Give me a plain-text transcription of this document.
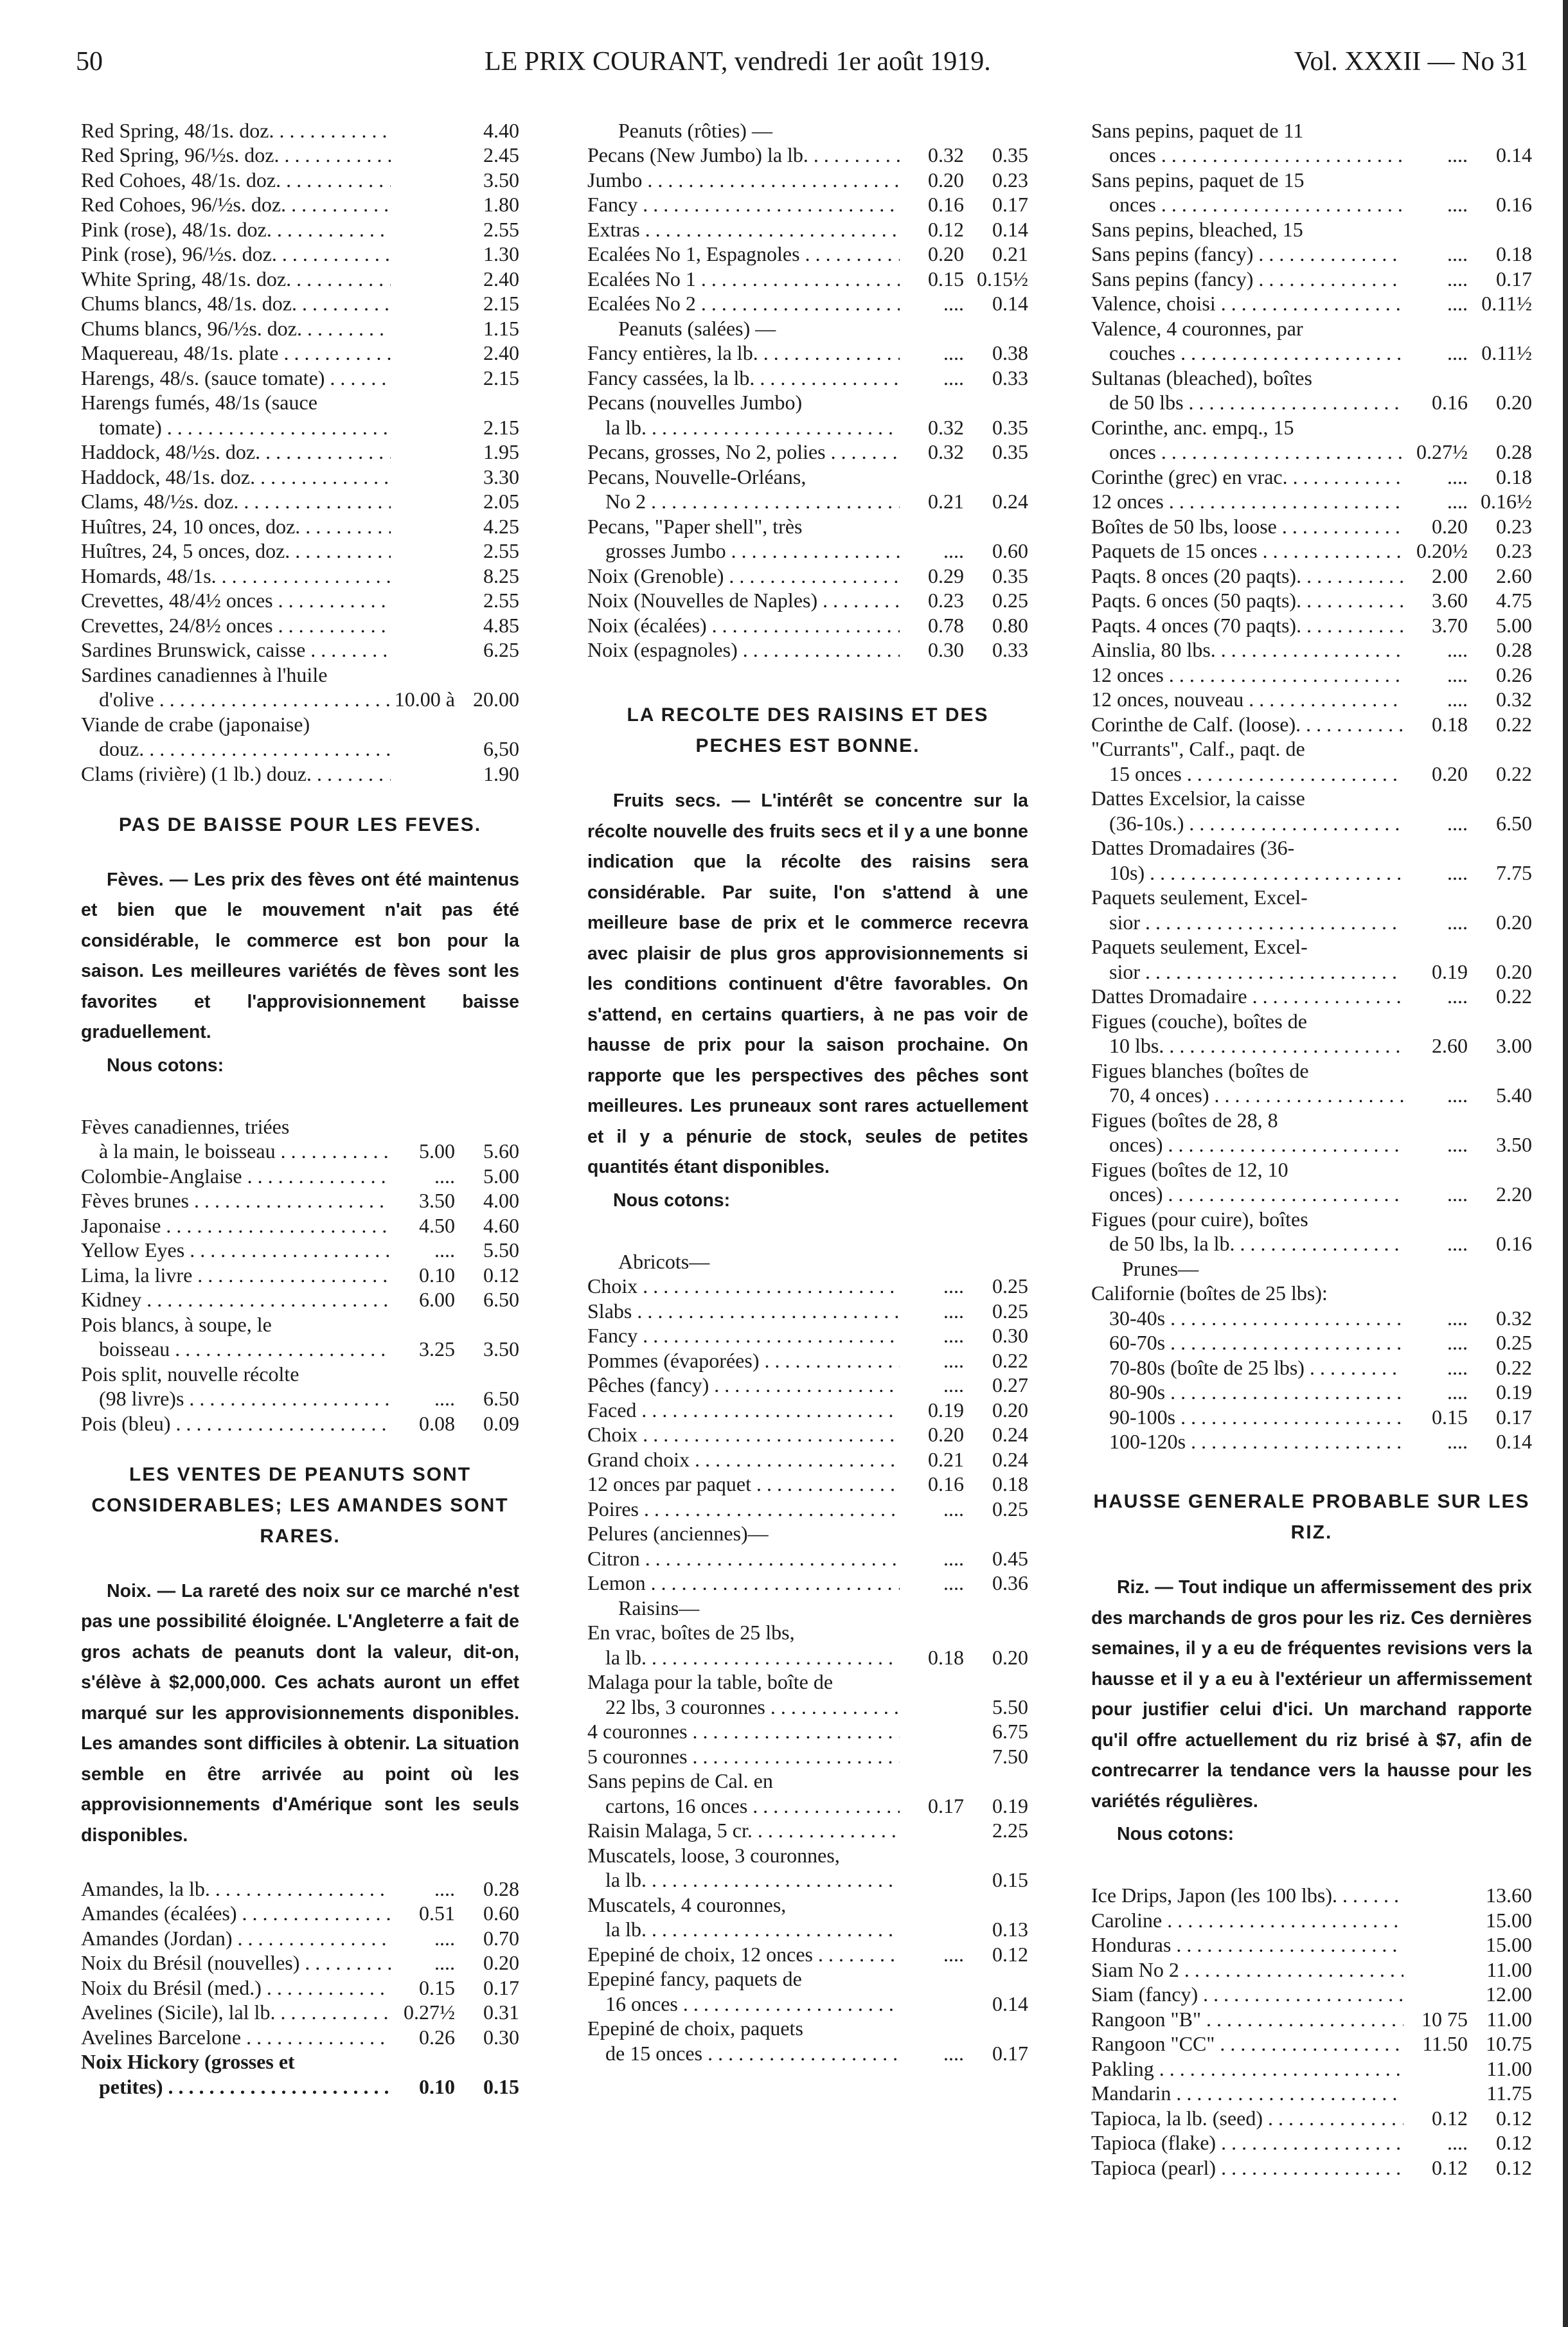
50	LE PRIX COURANT, vendredi 1er août 1919.	Vol. XXXII — No 31
Red Spring, 48/1s. doz. . . .	4.40
Red Spring, 96/½s. doz. . . .	2.45
Red Cohoes, 48/1s. doz. . . .	3.50
Red Cohoes, 96/½s. doz. . . .	1.80
Pink (rose), 48/1s. doz. . . .	2.55
Pink (rose), 96/½s. doz. . . .	1.30
White Spring, 48/1s. doz. . . .	2.40
Chums blancs, 48/1s. doz. . . .	2.15
Chums blancs, 96/½s. doz. . . .	1.15
Maquereau, 48/1s. plate . . .	2.40
Harengs, 48/s. (sauce tomate) . . .	2.15
Harengs fumés, 48/1s (sauce
tomate) . . .	2.15
Haddock, 48/½s. doz. . . .	1.95
Haddock, 48/1s. doz. . . .	3.30
Clams, 48/½s. doz. . . .	2.05
Huîtres, 24, 10 onces, doz. . . .	4.25
Huîtres, 24, 5 onces, doz. . . .	2.55
Homards, 48/1s. . . .	8.25
Crevettes, 48/4½ onces . . .	2.55
Crevettes, 24/8½ onces . . .	4.85
Sardines Brunswick, caisse . . .	6.25
Sardines canadiennes à l'huile
d'olive . . .	10.00 à 20.00
Viande de crabe (japonaise)
douz. . . .	6,50
Clams (rivière) (1 lb.) douz. . . .	1.90
PAS DE BAISSE POUR LES FEVES.
Fèves. — Les prix des fèves ont été maintenus et bien que le mouvement n'ait pas été considérable, le commerce est bon pour la saison. Les meilleures variétés de fèves sont les favorites et l'approvisionnement baisse graduellement.
Nous cotons:
Fèves canadiennes, triées
à la main, le boisseau . . .	5.00	5.60
Colombie-Anglaise . . .	....	5.00
Fèves brunes . . .	3.50	4.00
Japonaise . . .	4.50	4.60
Yellow Eyes . . .	....	5.50
Lima, la livre . . .	0.10	0.12
Kidney . . .	6.00	6.50
Pois blancs, à soupe, le
boisseau . . .	3.25	3.50
Pois split, nouvelle récolte
(98 livre)s . . .	....	6.50
Pois (bleu) . . .	0.08	0.09
LES VENTES DE PEANUTS SONT CONSIDERABLES; LES AMANDES SONT RARES.
Noix. — La rareté des noix sur ce marché n'est pas une possibilité éloignée. L'Angleterre a fait de gros achats de peanuts dont la valeur, dit-on, s'élève à $2,000,000. Ces achats auront un effet marqué sur les approvisionnements disponibles. Les amandes sont difficiles à obtenir. La situation semble en être arrivée au point où les approvisionnements d'Amérique sont les seuls disponibles.
Amandes, la lb. . . .	....	0.28
Amandes (écalées) . . .	0.51	0.60
Amandes (Jordan) . . .	....	0.70
Noix du Brésil (nouvelles) . . .	....	0.20
Noix du Brésil (med.) . . .	0.15	0.17
Avelines (Sicile), lal lb. . . .	0.27½	0.31
Avelines Barcelone . . .	0.26	0.30
Noix Hickory (grosses et
petites) . . .	0.10	0.15
Peanuts (rôties) —
Pecans (New Jumbo) la lb. . . .	0.32	0.35
Jumbo . . .	0.20	0.23
Fancy . . .	0.16	0.17
Extras . . .	0.12	0.14
Ecalées No 1, Espagnoles . . .	0.20	0.21
Ecalées No 1 . . .	0.15 0.15½
Ecalées No 2 . . .	....	0.14
Peanuts (salées) —
Fancy entières, la lb. . . .	....	0.38
Fancy cassées, la lb. . . .	....	0.33
Pecans (nouvelles Jumbo)
la lb. . . .	0.32	0.35
Pecans, grosses, No 2, polies . . .	0.32	0.35
Pecans, Nouvelle-Orléans,
No 2 . . .	0.21	0.24
Pecans, "Paper shell", très
grosses Jumbo . . .	....	0.60
Noix (Grenoble) . . .	0.29	0.35
Noix (Nouvelles de Naples) . . .	0.23	0.25
Noix (écalées) . . .	0.78	0.80
Noix (espagnoles) . . .	0.30	0.33
LA RECOLTE DES RAISINS ET DES PECHES EST BONNE.
Fruits secs. — L'intérêt se concentre sur la récolte nouvelle des fruits secs et il y a une bonne indication que la récolte des raisins sera considérable. Par suite, l'on s'attend à une meilleure base de prix et le commerce recevra avec plaisir de plus gros approvisionnements si les conditions continuent d'être favorables. On s'attend, en certains quartiers, à ne pas voir de hausse de prix pour la saison prochaine. On rapporte que les perspectives des pêches sont meilleures. Les pruneaux sont rares actuellement et il y a pénurie de stock, seules de petites quantités étant disponibles.
Nous cotons:
Abricots—
Choix . . .	....	0.25
Slabs . . .	....	0.25
Fancy . . .	....	0.30
Pommes (évaporées) . . .	....	0.22
Pêches (fancy) . . .	....	0.27
Faced . . .	0.19	0.20
Choix . . .	0.20	0.24
Grand choix . . .	0.21	0.24
12 onces par paquet . . .	0.16	0.18
Poires . . .	....	0.25
Pelures (anciennes)—
Citron . . .	....	0.45
Lemon . . .	....	0.36
Raisins—
En vrac, boîtes de 25 lbs,
la lb. . . .	0.18	0.20
Malaga pour la table, boîte de
22 lbs, 3 couronnes . . .	5.50
4 couronnes . . .	6.75
5 couronnes . . .	7.50
Sans pepins de Cal. en
cartons, 16 onces . . .	0.17	0.19
Raisin Malaga, 5 cr. . . .	2.25
Muscatels, loose, 3 couronnes,
la lb. . . .	0.15
Muscatels, 4 couronnes,
la lb. . . .	0.13
Epepiné de choix, 12 onces . . .	....	0.12
Epepiné fancy, paquets de
16 onces . . .	0.14
Epepiné de choix, paquets
de 15 onces . . .	....	0.17
Sans pepins, paquet de 11
onces . . .	....	0.14
Sans pepins, paquet de 15
onces . . .	....	0.16
Sans pepins, bleached, 15
Sans pepins (fancy) . . .	....	0.18
Sans pepins (fancy) . . .	....	0.17
Valence, choisi . . .	.... 0.11½
Valence, 4 couronnes, par
couches . . .	.... 0.11½
Sultanas (bleached), boîtes
de 50 lbs . . .	0.16	0.20
Corinthe, anc. empq., 15
onces . . .	0.27½	0.28
Corinthe (grec) en vrac. . . .	....	0.18
12 onces . . .	.... 0.16½
Boîtes de 50 lbs, loose . . .	0.20	0.23
Paquets de 15 onces . . .	0.20½	0.23
Paqts. 8 onces (20 paqts). . . .	2.00	2.60
Paqts. 6 onces (50 paqts). . . .	3.60	4.75
Paqts. 4 onces (70 paqts). . . .	3.70	5.00
Ainslia, 80 lbs. . . .	....	0.28
12 onces . . .	....	0.26
12 onces, nouveau . . .	....	0.32
Corinthe de Calf. (loose). . . .	0.18	0.22
"Currants", Calf., paqt. de
15 onces . . .	0.20	0.22
Dattes Excelsior, la caisse
(36-10s.) . . .	....	6.50
Dattes Dromadaires (36-
10s) . . .	....	7.75
Paquets seulement, Excel-
sior . . .	....	0.20
Paquets seulement, Excel-
sior . . .	0.19	0.20
Dattes Dromadaire . . .	....	0.22
Figues (couche), boîtes de
10 lbs. . . .	2.60	3.00
Figues blanches (boîtes de
70, 4 onces) . . .	....	5.40
Figues (boîtes de 28, 8
onces) . . .	....	3.50
Figues (boîtes de 12, 10
onces) . . .	....	2.20
Figues (pour cuire), boîtes
de 50 lbs, la lb. . . .	....	0.16
Prunes—
Californie (boîtes de 25 lbs):
30-40s . . .	....	0.32
60-70s . . .	....	0.25
70-80s (boîte de 25 lbs) . . .	....	0.22
80-90s . . .	....	0.19
90-100s . . .	0.15	0.17
100-120s . . .	....	0.14
HAUSSE GENERALE PROBABLE SUR LES RIZ.
Riz. — Tout indique un affermissement des prix des marchands de gros pour les riz. Ces dernières semaines, il y a eu de fréquentes revisions vers la hausse et il y a eu à l'extérieur un affermissement pour justifier celui d'ici. Un marchand rapporte qu'il offre actuellement du riz brisé à $7, afin de contrecarrer la tendance vers la hausse pour les variétés régulières.
Nous cotons:
Ice Drips, Japon (les 100 lbs). . . .	13.60
Caroline . . .	15.00
Honduras . . .	15.00
Siam No 2 . . .	11.00
Siam (fancy) . . .	12.00
Rangoon "B" . . .	10 75 11.00
Rangoon "CC" . . .	11.50 10.75
Pakling . . .	11.00
Mandarin . . .	11.75
Tapioca, la lb. (seed) . . .	0.12	0.12
Tapioca (flake) . . .	....	0.12
Tapioca (pearl) . . .	0.12	0.12
